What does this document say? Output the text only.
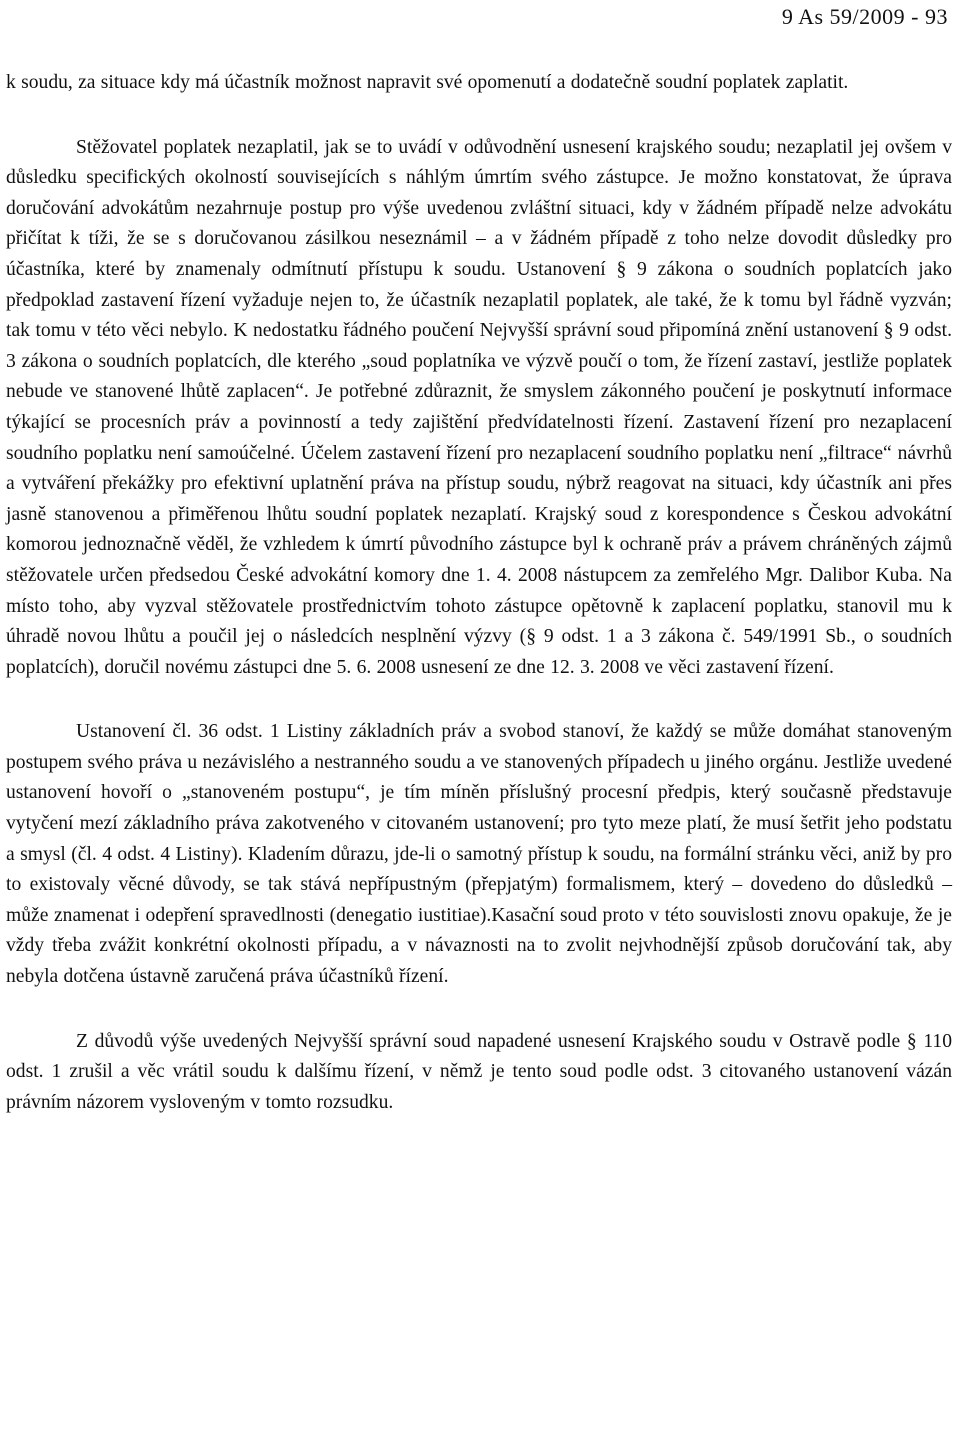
9 As 59/2009 - 93

k soudu, za situace kdy má účastník možnost napravit své opomenutí a dodatečně soudní poplatek zaplatit.

Stěžovatel poplatek nezaplatil, jak se to uvádí v odůvodnění usnesení krajského soudu; nezaplatil jej ovšem v důsledku specifických okolností souvisejících s náhlým úmrtím svého zástupce. Je možno konstatovat, že úprava doručování advokátům nezahrnuje postup pro výše uvedenou zvláštní situaci, kdy v žádném případě nelze advokátu přičítat k tíži, že se s doručovanou zásilkou neseznámil – a v žádném případě z toho nelze dovodit důsledky pro účastníka, které by znamenaly odmítnutí přístupu k soudu. Ustanovení § 9 zákona o soudních poplatcích jako předpoklad zastavení řízení vyžaduje nejen to, že účastník nezaplatil poplatek, ale také, že k tomu byl řádně vyzván; tak tomu v této věci nebylo. K nedostatku řádného poučení Nejvyšší správní soud připomíná znění ustanovení § 9 odst. 3 zákona o soudních poplatcích, dle kterého „soud poplatníka ve výzvě poučí o tom, že řízení zastaví, jestliže poplatek nebude ve stanovené lhůtě zaplacen“. Je potřebné zdůraznit, že smyslem zákonného poučení je poskytnutí informace týkající se procesních práv a povinností a tedy zajištění předvídatelnosti řízení. Zastavení řízení pro nezaplacení soudního poplatku není samoúčelné. Účelem zastavení řízení pro nezaplacení soudního poplatku není „filtrace“ návrhů a vytváření překážky pro efektivní uplatnění práva na přístup soudu, nýbrž reagovat na situaci, kdy účastník ani přes jasně stanovenou a přiměřenou lhůtu soudní poplatek nezaplatí. Krajský soud z korespondence s Českou advokátní komorou jednoznačně věděl, že vzhledem k úmrtí původního zástupce byl k ochraně práv a právem chráněných zájmů stěžovatele určen předsedou České advokátní komory dne 1. 4. 2008 nástupcem za zemřelého Mgr. Dalibor Kuba. Na místo toho, aby vyzval stěžovatele prostřednictvím tohoto zástupce opětovně k zaplacení poplatku, stanovil mu k úhradě novou lhůtu a poučil jej o následcích nesplnění výzvy (§ 9 odst. 1 a 3 zákona č. 549/1991 Sb., o soudních poplatcích), doručil novému zástupci dne 5. 6. 2008 usnesení ze dne 12. 3. 2008 ve věci zastavení řízení.

Ustanovení čl. 36 odst. 1 Listiny základních práv a svobod stanoví, že každý se může domáhat stanoveným postupem svého práva u nezávislého a nestranného soudu a ve stanovených případech u jiného orgánu. Jestliže uvedené ustanovení hovoří o „stanoveném postupu“, je tím míněn příslušný procesní předpis, který současně představuje vytyčení mezí základního práva zakotveného v citovaném ustanovení; pro tyto meze platí, že musí šetřit jeho podstatu a smysl (čl. 4 odst. 4 Listiny). Kladením důrazu, jde-li o samotný přístup k soudu, na formální stránku věci, aniž by pro to existovaly věcné důvody, se tak stává nepřípustným (přepjatým) formalismem, který – dovedeno do důsledků – může znamenat i odepření spravedlnosti (denegatio iustitiae).Kasační soud proto v této souvislosti znovu opakuje, že je vždy třeba zvážit konkrétní okolnosti případu, a v návaznosti na to zvolit nejvhodnější způsob doručování tak, aby nebyla dotčena ústavně zaručená práva účastníků řízení.

Z důvodů výše uvedených Nejvyšší správní soud napadené usnesení Krajského soudu v Ostravě podle § 110 odst. 1 zrušil a věc vrátil soudu k dalšímu řízení, v němž je tento soud podle odst. 3 citovaného ustanovení vázán právním názorem vysloveným v tomto rozsudku.
